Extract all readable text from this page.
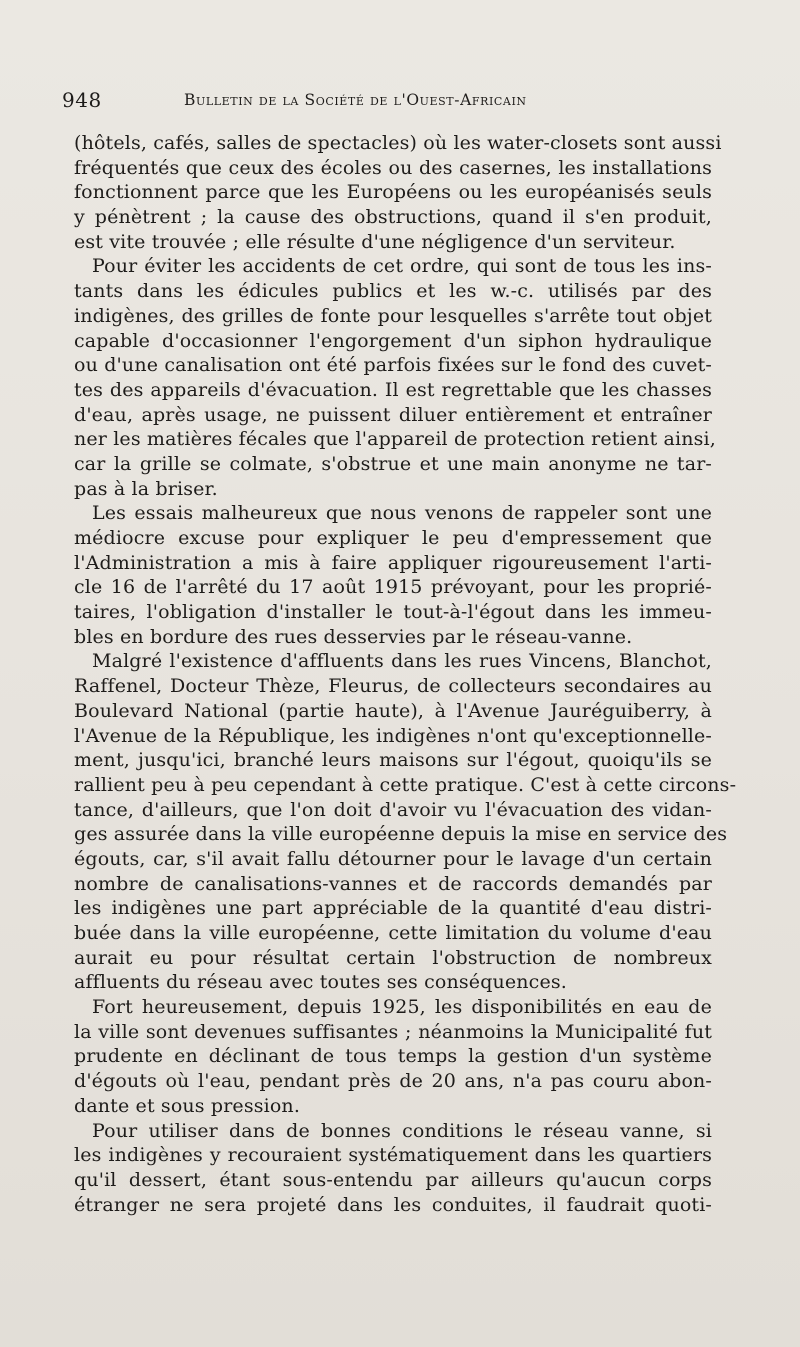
948	Bulletin de la Société de l'Ouest-Africain
(hôtels, cafés, salles de spectacles) où les water-closets sont aussi
fréquentés que ceux des écoles ou des casernes, les installations
fonctionnent parce que les Européens ou les européanisés seuls
y pénètrent ; la cause des obstructions, quand il s'en produit,
est vite trouvée ; elle résulte d'une négligence d'un serviteur.
Pour éviter les accidents de cet ordre, qui sont de tous les ins-
tants dans les édicules publics et les w.-c. utilisés par des
indigènes, des grilles de fonte pour lesquelles s'arrête tout objet
capable d'occasionner l'engorgement d'un siphon hydraulique
ou d'une canalisation ont été parfois fixées sur le fond des cuvet-
tes des appareils d'évacuation. Il est regrettable que les chasses
d'eau, après usage, ne puissent diluer entièrement et entraîner
ner les matières fécales que l'appareil de protection retient ainsi,
car la grille se colmate, s'obstrue et une main anonyme ne tar-
pas à la briser.
Les essais malheureux que nous venons de rappeler sont une
médiocre excuse pour expliquer le peu d'empressement que
l'Administration a mis à faire appliquer rigoureusement l'arti-
cle 16 de l'arrêté du 17 août 1915 prévoyant, pour les proprié-
taires, l'obligation d'installer le tout-à-l'égout dans les immeu-
bles en bordure des rues desservies par le réseau-vanne.
Malgré l'existence d'affluents dans les rues Vincens, Blanchot,
Raffenel, Docteur Thèze, Fleurus, de collecteurs secondaires au
Boulevard National (partie haute), à l'Avenue Jauréguiberry, à
l'Avenue de la République, les indigènes n'ont qu'exceptionnelle-
ment, jusqu'ici, branché leurs maisons sur l'égout, quoiqu'ils se
rallient peu à peu cependant à cette pratique. C'est à cette circons-
tance, d'ailleurs, que l'on doit d'avoir vu l'évacuation des vidan-
ges assurée dans la ville européenne depuis la mise en service des
égouts, car, s'il avait fallu détourner pour le lavage d'un certain
nombre de canalisations-vannes et de raccords demandés par
les indigènes une part appréciable de la quantité d'eau distri-
buée dans la ville européenne, cette limitation du volume d'eau
aurait eu pour résultat certain l'obstruction de nombreux
affluents du réseau avec toutes ses conséquences.
Fort heureusement, depuis 1925, les disponibilités en eau de
la ville sont devenues suffisantes ; néanmoins la Municipalité fut
prudente en déclinant de tous temps la gestion d'un système
d'égouts où l'eau, pendant près de 20 ans, n'a pas couru abon-
dante et sous pression.
Pour utiliser dans de bonnes conditions le réseau vanne, si
les indigènes y recouraient systématiquement dans les quartiers
qu'il dessert, étant sous-entendu par ailleurs qu'aucun corps
étranger ne sera projeté dans les conduites, il faudrait quoti-
